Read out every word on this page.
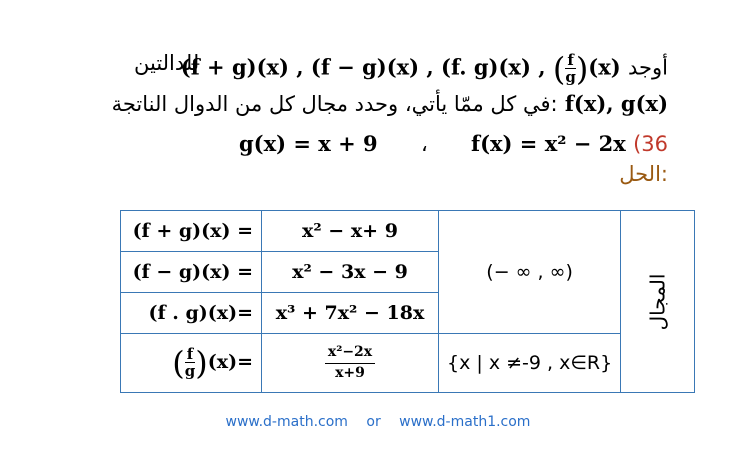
(f + g)(x) , (f − g)(x) , (f. g)(x) , ( $\frac{f}{g} )(x)$ أوجد
للدالتين
في كل ممّا يأتي، وحدد مجال كل من الدوال الناتجة: f(x), g(x)
g(x) = x + 9 ، f(x) = x² − 2x (36
الحل:
(f + g)(x) =	x² − x+ 9	(− ∞ , ∞)	المجال
(f − g)(x) =	x² − 3x − 9		
(f . g)(x)=	x³ + 7x² − 18x		
( $\frac{f}{g} )(x)=$	$\frac{\text{x²−2x}}{x+9}$	{x | x ≠-9 , x∈R}	
www.d-math.com or www.d-math1.com
